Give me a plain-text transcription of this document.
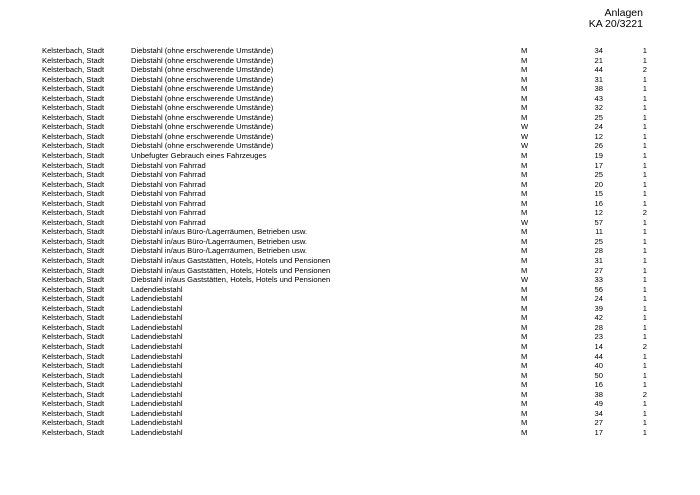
Anlagen
KA 20/3221
Kelsterbach, Stadt	Diebstahl (ohne erschwerende Umstände)	M	34	1
Kelsterbach, Stadt	Diebstahl (ohne erschwerende Umstände)	M	21	1
Kelsterbach, Stadt	Diebstahl (ohne erschwerende Umstände)	M	44	2
Kelsterbach, Stadt	Diebstahl (ohne erschwerende Umstände)	M	31	1
Kelsterbach, Stadt	Diebstahl (ohne erschwerende Umstände)	M	38	1
Kelsterbach, Stadt	Diebstahl (ohne erschwerende Umstände)	M	43	1
Kelsterbach, Stadt	Diebstahl (ohne erschwerende Umstände)	M	32	1
Kelsterbach, Stadt	Diebstahl (ohne erschwerende Umstände)	M	25	1
Kelsterbach, Stadt	Diebstahl (ohne erschwerende Umstände)	W	24	1
Kelsterbach, Stadt	Diebstahl (ohne erschwerende Umstände)	W	12	1
Kelsterbach, Stadt	Diebstahl (ohne erschwerende Umstände)	W	26	1
Kelsterbach, Stadt	Unbefugter Gebrauch eines Fahrzeuges	M	19	1
Kelsterbach, Stadt	Diebstahl von Fahrrad	M	17	1
Kelsterbach, Stadt	Diebstahl von Fahrrad	M	25	1
Kelsterbach, Stadt	Diebstahl von Fahrrad	M	20	1
Kelsterbach, Stadt	Diebstahl von Fahrrad	M	15	1
Kelsterbach, Stadt	Diebstahl von Fahrrad	M	16	1
Kelsterbach, Stadt	Diebstahl von Fahrrad	M	12	2
Kelsterbach, Stadt	Diebstahl von Fahrrad	W	57	1
Kelsterbach, Stadt	Diebstahl in/aus Büro-/Lagerräumen, Betrieben usw.	M	11	1
Kelsterbach, Stadt	Diebstahl in/aus Büro-/Lagerräumen, Betrieben usw.	M	25	1
Kelsterbach, Stadt	Diebstahl in/aus Büro-/Lagerräumen, Betrieben usw.	M	28	1
Kelsterbach, Stadt	Diebstahl in/aus Gaststätten, Hotels, Hotels und Pensionen	M	31	1
Kelsterbach, Stadt	Diebstahl in/aus Gaststätten, Hotels, Hotels und Pensionen	M	27	1
Kelsterbach, Stadt	Diebstahl in/aus Gaststätten, Hotels, Hotels und Pensionen	W	33	1
Kelsterbach, Stadt	Ladendiebstahl	M	56	1
Kelsterbach, Stadt	Ladendiebstahl	M	24	1
Kelsterbach, Stadt	Ladendiebstahl	M	39	1
Kelsterbach, Stadt	Ladendiebstahl	M	42	1
Kelsterbach, Stadt	Ladendiebstahl	M	28	1
Kelsterbach, Stadt	Ladendiebstahl	M	23	1
Kelsterbach, Stadt	Ladendiebstahl	M	14	2
Kelsterbach, Stadt	Ladendiebstahl	M	44	1
Kelsterbach, Stadt	Ladendiebstahl	M	40	1
Kelsterbach, Stadt	Ladendiebstahl	M	50	1
Kelsterbach, Stadt	Ladendiebstahl	M	16	1
Kelsterbach, Stadt	Ladendiebstahl	M	38	2
Kelsterbach, Stadt	Ladendiebstahl	M	49	1
Kelsterbach, Stadt	Ladendiebstahl	M	34	1
Kelsterbach, Stadt	Ladendiebstahl	M	27	1
Kelsterbach, Stadt	Ladendiebstahl	M	17	1
